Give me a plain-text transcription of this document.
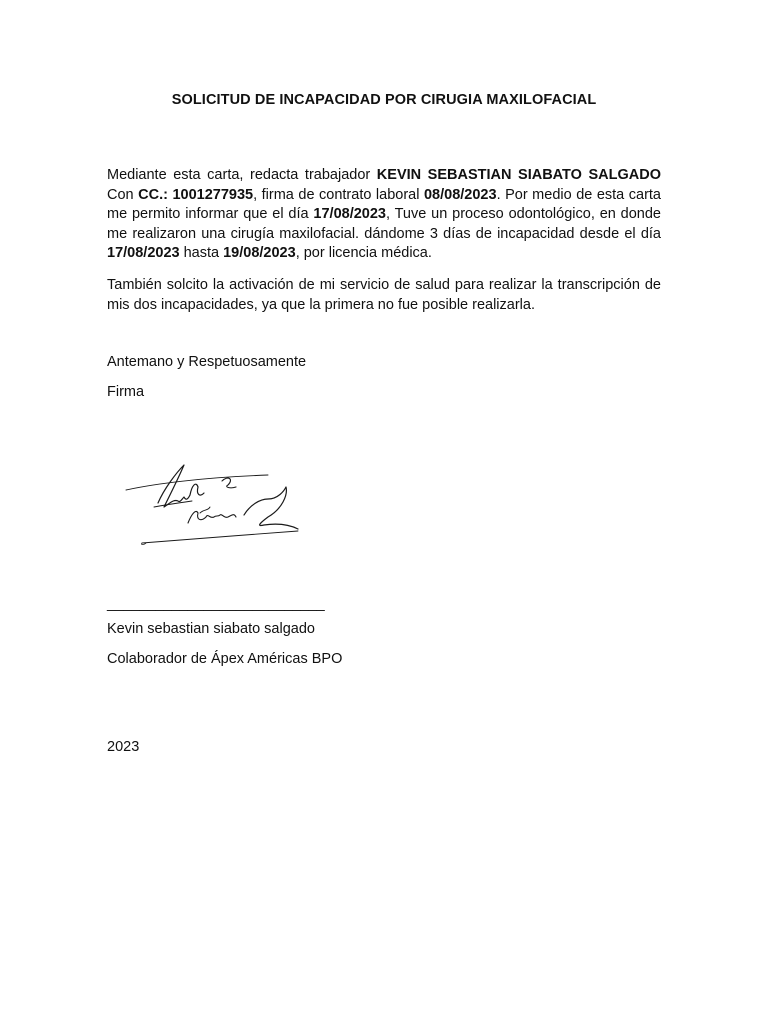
SOLICITUD DE INCAPACIDAD POR CIRUGIA MAXILOFACIAL

Mediante esta carta, redacta trabajador KEVIN SEBASTIAN SIABATO SALGADO Con CC.: 1001277935, firma de contrato laboral 08/08/2023. Por medio de esta carta me permito informar que el día 17/08/2023, Tuve un proceso odontológico, en donde me realizaron una cirugía maxilofacial. dándome 3 días de incapacidad desde el día 17/08/2023 hasta 19/08/2023, por licencia médica.

También solcito la activación de mi servicio de salud para realizar la transcripción de mis dos incapacidades, ya que la primera no fue posible realizarla.

Antemano y Respetuosamente
Firma
___________________________
Kevin sebastian siabato salgado
Colaborador de Ápex Américas BPO
2023
